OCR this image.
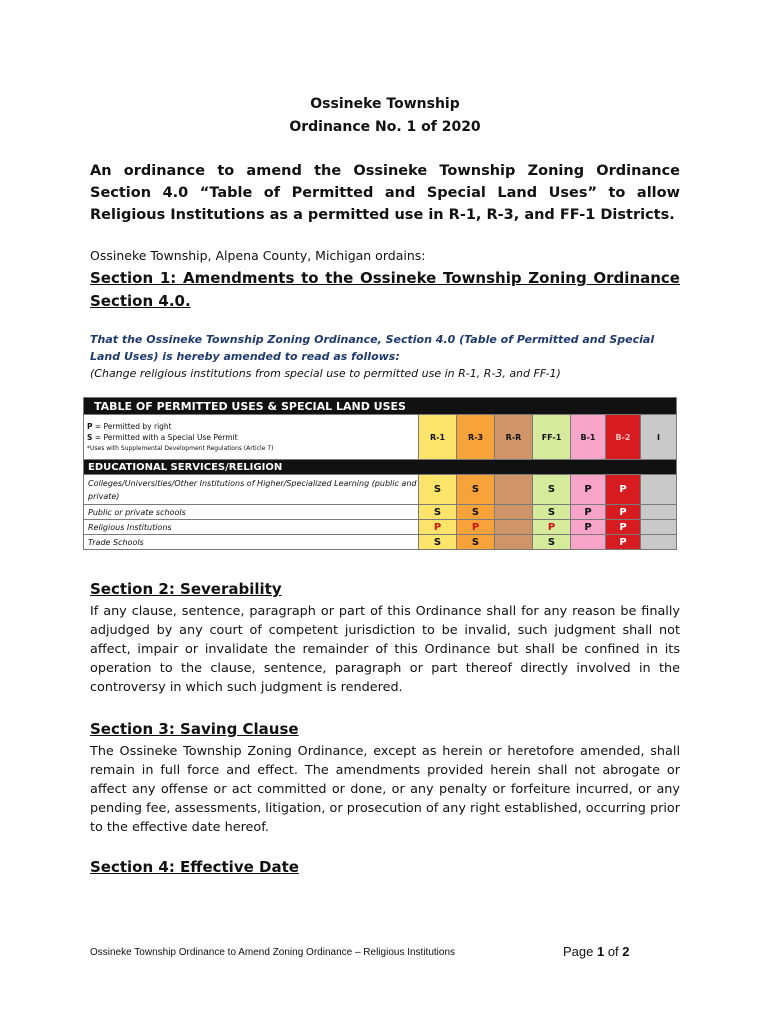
Ossineke Township
Ordinance No. 1 of 2020
An ordinance to amend the Ossineke Township Zoning Ordinance Section 4.0 “Table of Permitted and Special Land Uses” to allow Religious Institutions as a permitted use in R-1, R-3, and FF-1 Districts.
Ossineke Township, Alpena County, Michigan ordains:
Section 1: Amendments to the Ossineke Township Zoning Ordinance Section 4.0.
That the Ossineke Township Zoning Ordinance, Section 4.0 (Table of Permitted and Special Land Uses) is hereby amended to read as follows:
(Change religious institutions from special use to permitted use in R-1, R-3, and FF-1)
TABLE OF PERMITTED USES & SPECIAL LAND USES							

P = Permitted by right
S = Permitted with a Special Use Permit
*Uses with Supplemental Development Regulations (Article 7)	R-1	R-3	R-R	FF-1	B-1	B-2	I
EDUCATIONAL SERVICES/RELIGION							
Colleges/Universities/Other Institutions of Higher/Specialized Learning (public and private)	S	S		S	P	P	
Public or private schools	S	S		S	P	P	
Religious Institutions	P	P		P	P	P	
Trade Schools	S	S		S		P	
Section 2: Severability
If any clause, sentence, paragraph or part of this Ordinance shall for any reason be finally adjudged by any court of competent jurisdiction to be invalid, such judgment shall not affect, impair or invalidate the remainder of this Ordinance but shall be confined in its operation to the clause, sentence, paragraph or part thereof directly involved in the controversy in which such judgment is rendered.
Section 3: Saving Clause
The Ossineke Township Zoning Ordinance, except as herein or heretofore amended, shall remain in full force and effect. The amendments provided herein shall not abrogate or affect any offense or act committed or done, or any penalty or forfeiture incurred, or any pending fee, assessments, litigation, or prosecution of any right established, occurring prior to the effective date hereof.
Section 4: Effective Date
Ossineke Township Ordinance to Amend Zoning Ordinance – Religious Institutions	Page 1 of 2
